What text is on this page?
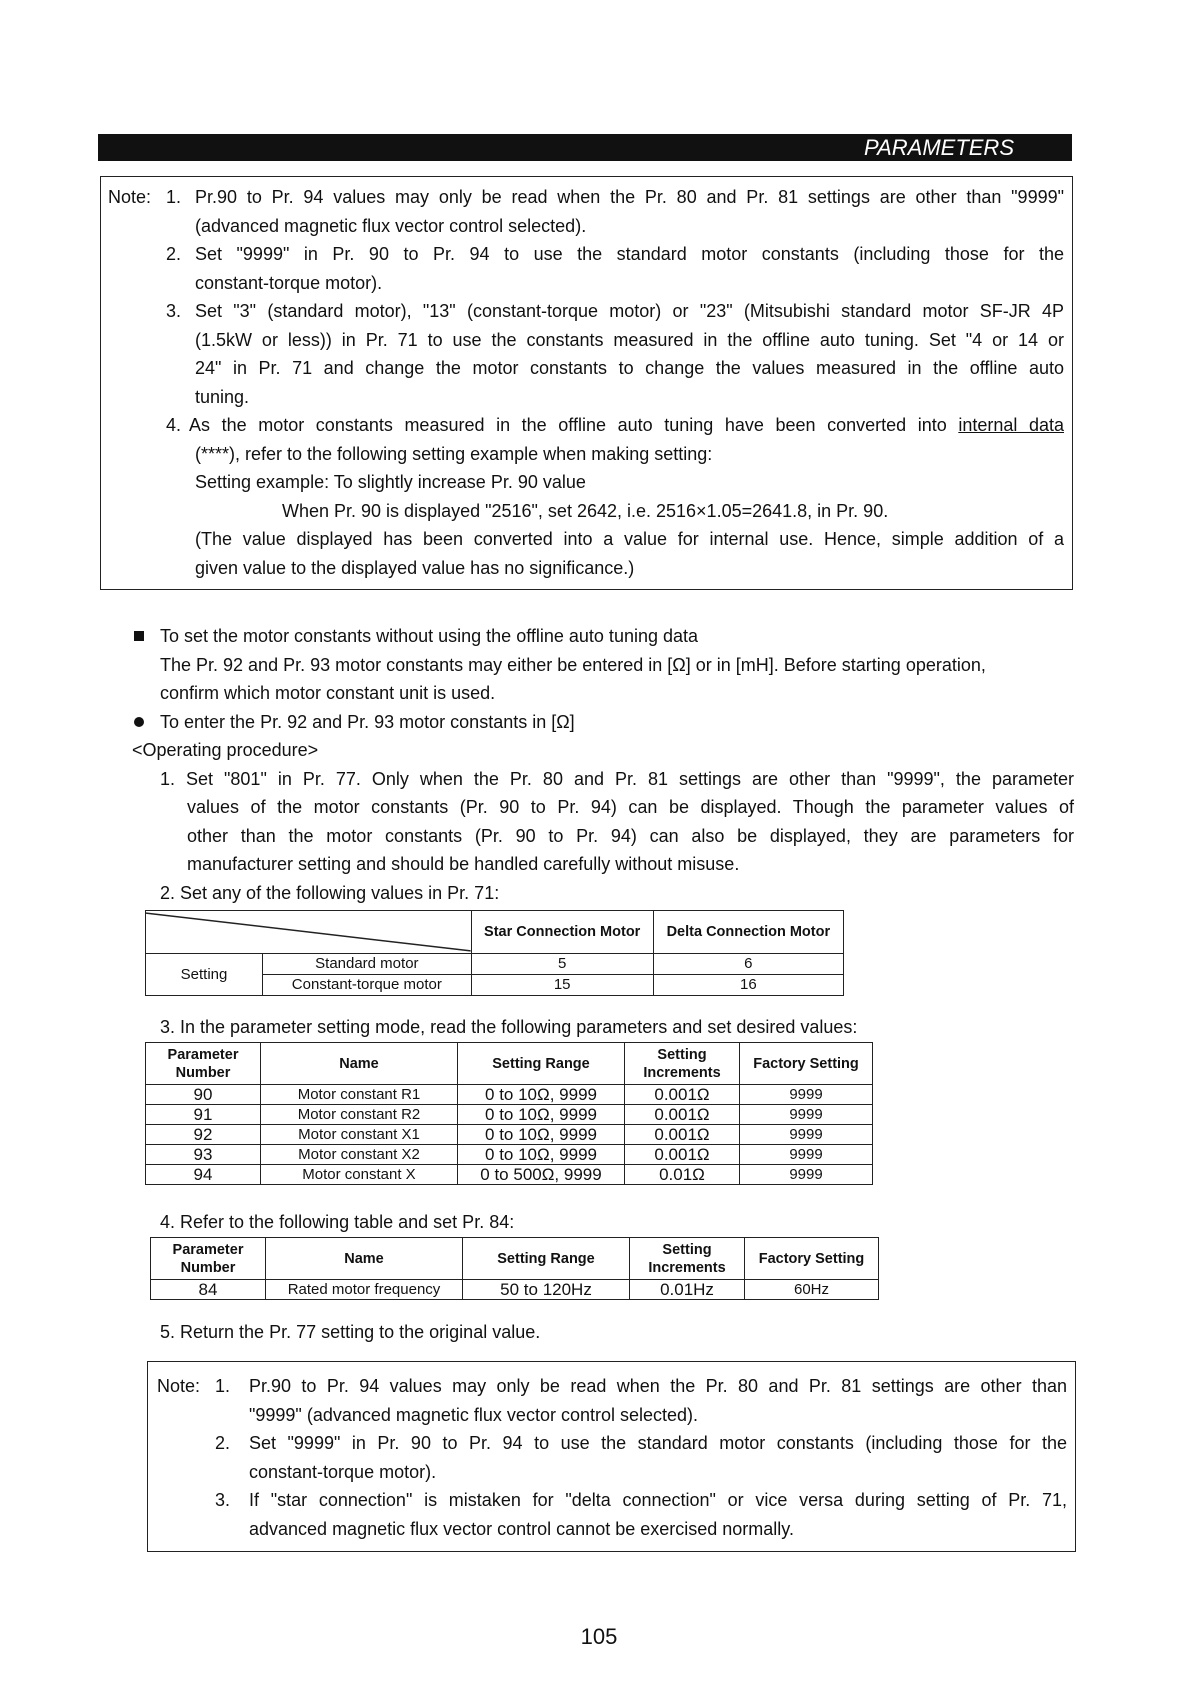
PARAMETERS
Note: 1. Pr.90 to Pr. 94 values may only be read when the Pr. 80 and Pr. 81 settings are other than "9999"
(advanced magnetic flux vector control selected).
2. Set "9999" in Pr. 90 to Pr. 94 to use the standard motor constants (including those for the
constant-torque motor).
3. Set "3" (standard motor), "13" (constant-torque motor) or "23" (Mitsubishi standard motor SF-JR 4P
(1.5kW or less)) in Pr. 71 to use the constants measured in the offline auto tuning. Set "4 or 14 or
24" in Pr. 71 and change the motor constants to change the values measured in the offline auto
tuning.
4. As the motor constants measured in the offline auto tuning have been converted into internal data
(****), refer to the following setting example when making setting:
Setting example: To slightly increase Pr. 90 value
When Pr. 90 is displayed "2516", set 2642, i.e. 2516×1.05=2641.8, in Pr. 90.
(The value displayed has been converted into a value for internal use. Hence, simple addition of a
given value to the displayed value has no significance.)
To set the motor constants without using the offline auto tuning data
The Pr. 92 and Pr. 93 motor constants may either be entered in [Ω] or in [mH]. Before starting operation,
confirm which motor constant unit is used.
To enter the Pr. 92 and Pr. 93 motor constants in [Ω]
<Operating procedure>
1. Set "801" in Pr. 77. Only when the Pr. 80 and Pr. 81 settings are other than "9999", the parameter
values of the motor constants (Pr. 90 to Pr. 94) can be displayed. Though the parameter values of
other than the motor constants (Pr. 90 to Pr. 94) can also be displayed, they are parameters for
manufacturer setting and should be handled carefully without misuse.
2. Set any of the following values in Pr. 71:
	Star Connection Motor	Delta Connection Motor
Setting	Standard motor	5	6
	Constant-torque motor	15	16
3. In the parameter setting mode, read the following parameters and set desired values:
Parameter Number	Name	Setting Range	Setting Increments	Factory Setting
90	Motor constant R1	0 to 10Ω, 9999	0.001Ω	9999
91	Motor constant R2	0 to 10Ω, 9999	0.001Ω	9999
92	Motor constant X1	0 to 10Ω, 9999	0.001Ω	9999
93	Motor constant X2	0 to 10Ω, 9999	0.001Ω	9999
94	Motor constant X	0 to 500Ω, 9999	0.01Ω	9999
4. Refer to the following table and set Pr. 84:
Parameter Number	Name	Setting Range	Setting Increments	Factory Setting
84	Rated motor frequency	50 to 120Hz	0.01Hz	60Hz
5. Return the Pr. 77 setting to the original value.
Note: 1. Pr.90 to Pr. 94 values may only be read when the Pr. 80 and Pr. 81 settings are other than
"9999" (advanced magnetic flux vector control selected).
2. Set "9999" in Pr. 90 to Pr. 94 to use the standard motor constants (including those for the
constant-torque motor).
3. If "star connection" is mistaken for "delta connection" or vice versa during setting of Pr. 71,
advanced magnetic flux vector control cannot be exercised normally.
105
